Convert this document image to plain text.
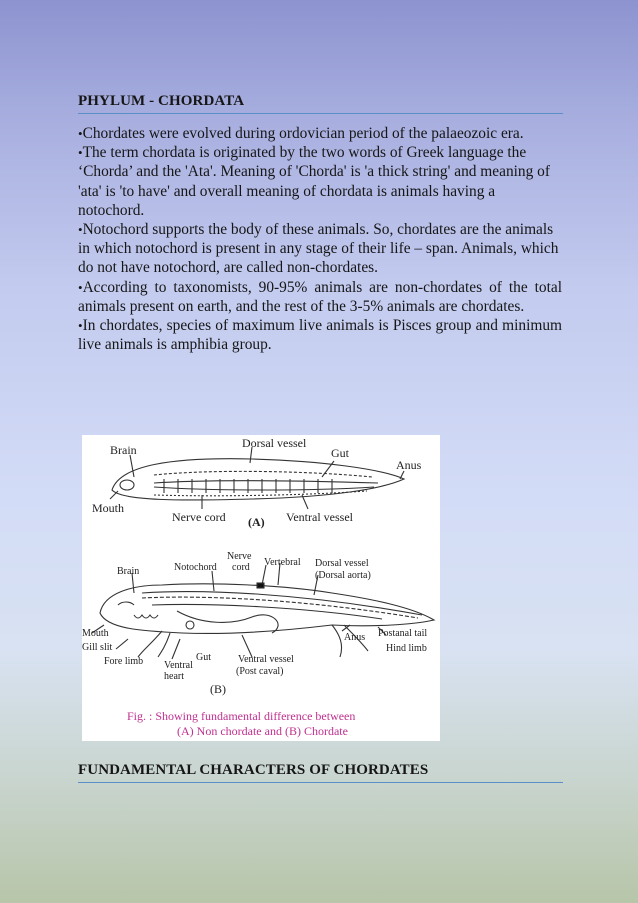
PHYLUM - CHORDATA

•Chordates were evolved during ordovician period of the palaeozoic era.

•The term chordata is originated by the two words of Greek language the ‘Chorda’ and the 'Ata'. Meaning of 'Chorda' is 'a thick string' and meaning of 'ata' is 'to have' and overall meaning of chordata is animals having a notochord.

•Notochord supports the body of these animals. So, chordates are the animals in which notochord is present in any stage of their life – span. Animals, which do not have notochord, are called non-chordates.

•According to taxonomists, 90-95% animals are non-chordates of the total animals present on earth, and the rest of the 3-5% animals are chordates.

•In chordates, species of maximum live animals is Pisces group and minimum live animals is amphibia group.

Brain	Dorsal vessel
Gut
Anus
Mouth
Nerve cord (A) Ventral vessel
Nerve
Brain	Notochord cord Vertebral Dorsal vessel
(Dorsal aorta)
Mouth
Gill slit
Fore limb Ventral
heart
Gut	Ventral vessel
(Post caval)
Anus Postanal tail
Hind limb
(B)
Fig. : Showing fundamental difference between
(A) Non chordate and (B) Chordate
FUNDAMENTAL CHARACTERS OF CHORDATES
